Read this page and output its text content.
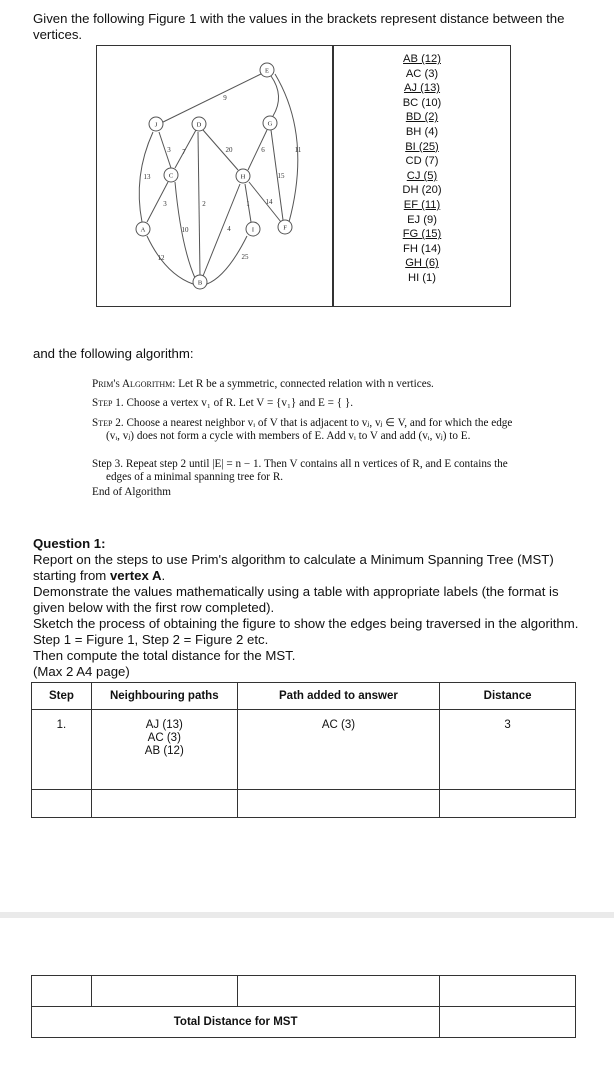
Given the following Figure 1 with the values in the brackets represent distance between the vertices.
9
3 7	20	6	11
13	15
3	2	1 14
10	4
12	25
E
J	D	G
C	H
A	I	F
B
AB (12)
AC (3)
AJ (13)
BC (10)
BD (2)
BH (4)
BI (25)
CD (7)
CJ (5)
DH (20)
EF (11)
EJ (9)
FG (15)
FH (14)
GH (6)
HI (1)
and the following algorithm:

Prim's Algorithm: Let R be a symmetric, connected relation with n vertices.

Step 1. Choose a vertex v₁ of R. Let V = {v₁} and E = { }.

Step 2. Choose a nearest neighbor vᵢ of V that is adjacent to vⱼ, vⱼ ∈ V, and for which the edge (vᵢ, vⱼ) does not form a cycle with members of E. Add vᵢ to V and add (vᵢ, vⱼ) to E.

Step 3. Repeat step 2 until |E| = n − 1. Then V contains all n vertices of R, and E contains the edges of a minimal spanning tree for R.

End of Algorithm

Question 1:
Report on the steps to use Prim's algorithm to calculate a Minimum Spanning Tree (MST) starting from vertex A.
Demonstrate the values mathematically using a table with appropriate labels (the format is given below with the first row completed).
Sketch the process of obtaining the figure to show the edges being traversed in the algorithm. Step 1 = Figure 1, Step 2 = Figure 2 etc.
Then compute the total distance for the MST.
(Max 2 A4 page)
Step	Neighbouring paths	Path added to answer	Distance
1.	AJ (13)
AC (3)
AB (12)	AC (3)	3

Total Distance for MST			
